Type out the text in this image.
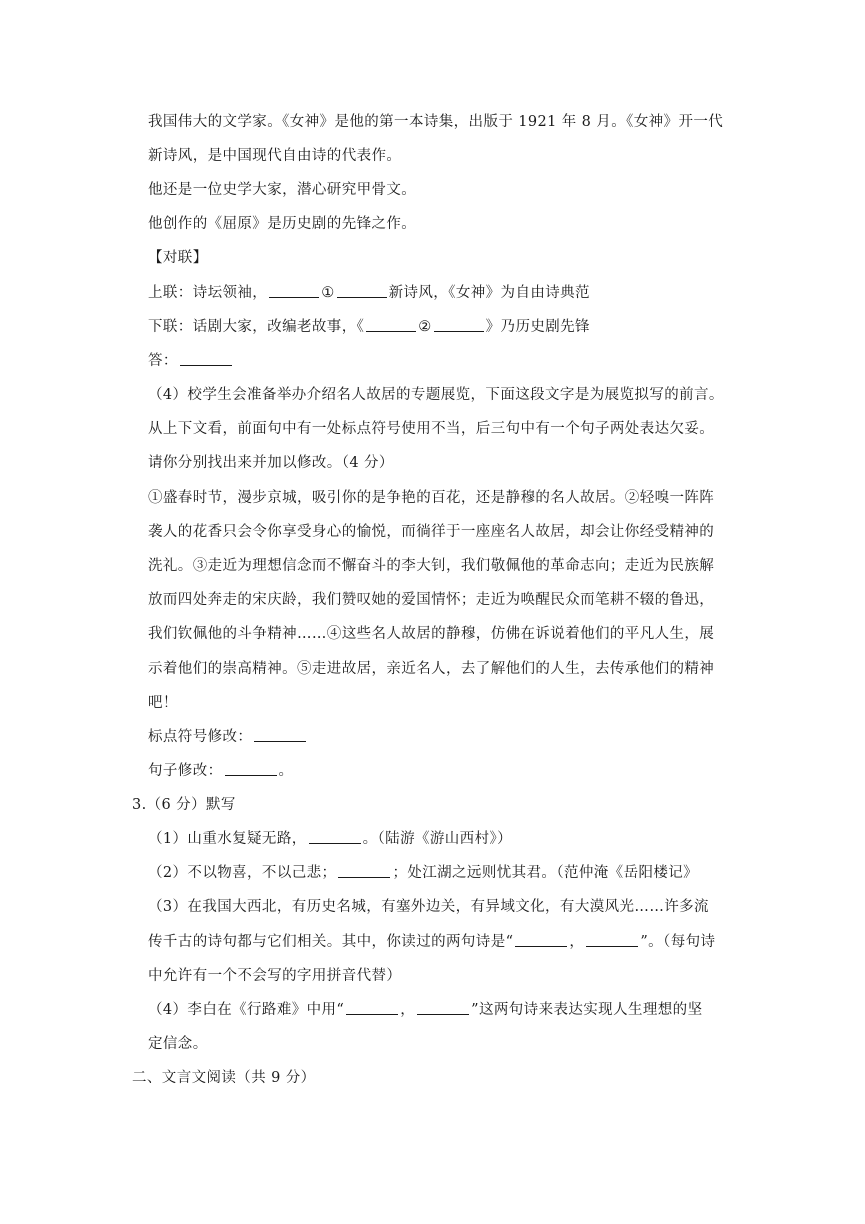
我国伟大的文学家。《女神》是他的第一本诗集，出版于 1921 年 8 月。《女神》开一代
新诗风，是中国现代自由诗的代表作。
他还是一位史学大家，潜心研究甲骨文。
他创作的《屈原》是历史剧的先锋之作。
【对联】
上联：诗坛领袖，	①	新诗风，《女神》为自由诗典范
下联：话剧大家，改编老故事，《	②	》乃历史剧先锋
答：
（4）校学生会准备举办介绍名人故居的专题展览，下面这段文字是为展览拟写的前言。
从上下文看，前面句中有一处标点符号使用不当，后三句中有一个句子两处表达欠妥。
请你分别找出来并加以修改。（4 分）
①盛春时节，漫步京城，吸引你的是争艳的百花，还是静穆的名人故居。②轻嗅一阵阵
袭人的花香只会令你享受身心的愉悦，而徜徉于一座座名人故居，却会让你经受精神的
洗礼。③走近为理想信念而不懈奋斗的李大钊，我们敬佩他的革命志向；走近为民族解
放而四处奔走的宋庆龄，我们赞叹她的爱国情怀；走近为唤醒民众而笔耕不辍的鲁迅，
我们钦佩他的斗争精神……④这些名人故居的静穆，仿佛在诉说着他们的平凡人生，展
示着他们的崇高精神。⑤走进故居，亲近名人，去了解他们的人生，去传承他们的精神
吧！
标点符号修改：
句子修改：	。
3.（6 分）默写
（1）山重水复疑无路，	。（陆游《游山西村》）
（2）不以物喜，不以己悲；	；处江湖之远则忧其君。（范仲淹《岳阳楼记》
（3）在我国大西北，有历史名城，有塞外边关，有异域文化，有大漠风光……许多流
传千古的诗句都与它们相关。其中，你读过的两句诗是“	，	”。（每句诗
中允许有一个不会写的字用拼音代替）
（4）李白在《行路难》中用“	，	”这两句诗来表达实现人生理想的坚
定信念。
二、文言文阅读（共 9 分）
